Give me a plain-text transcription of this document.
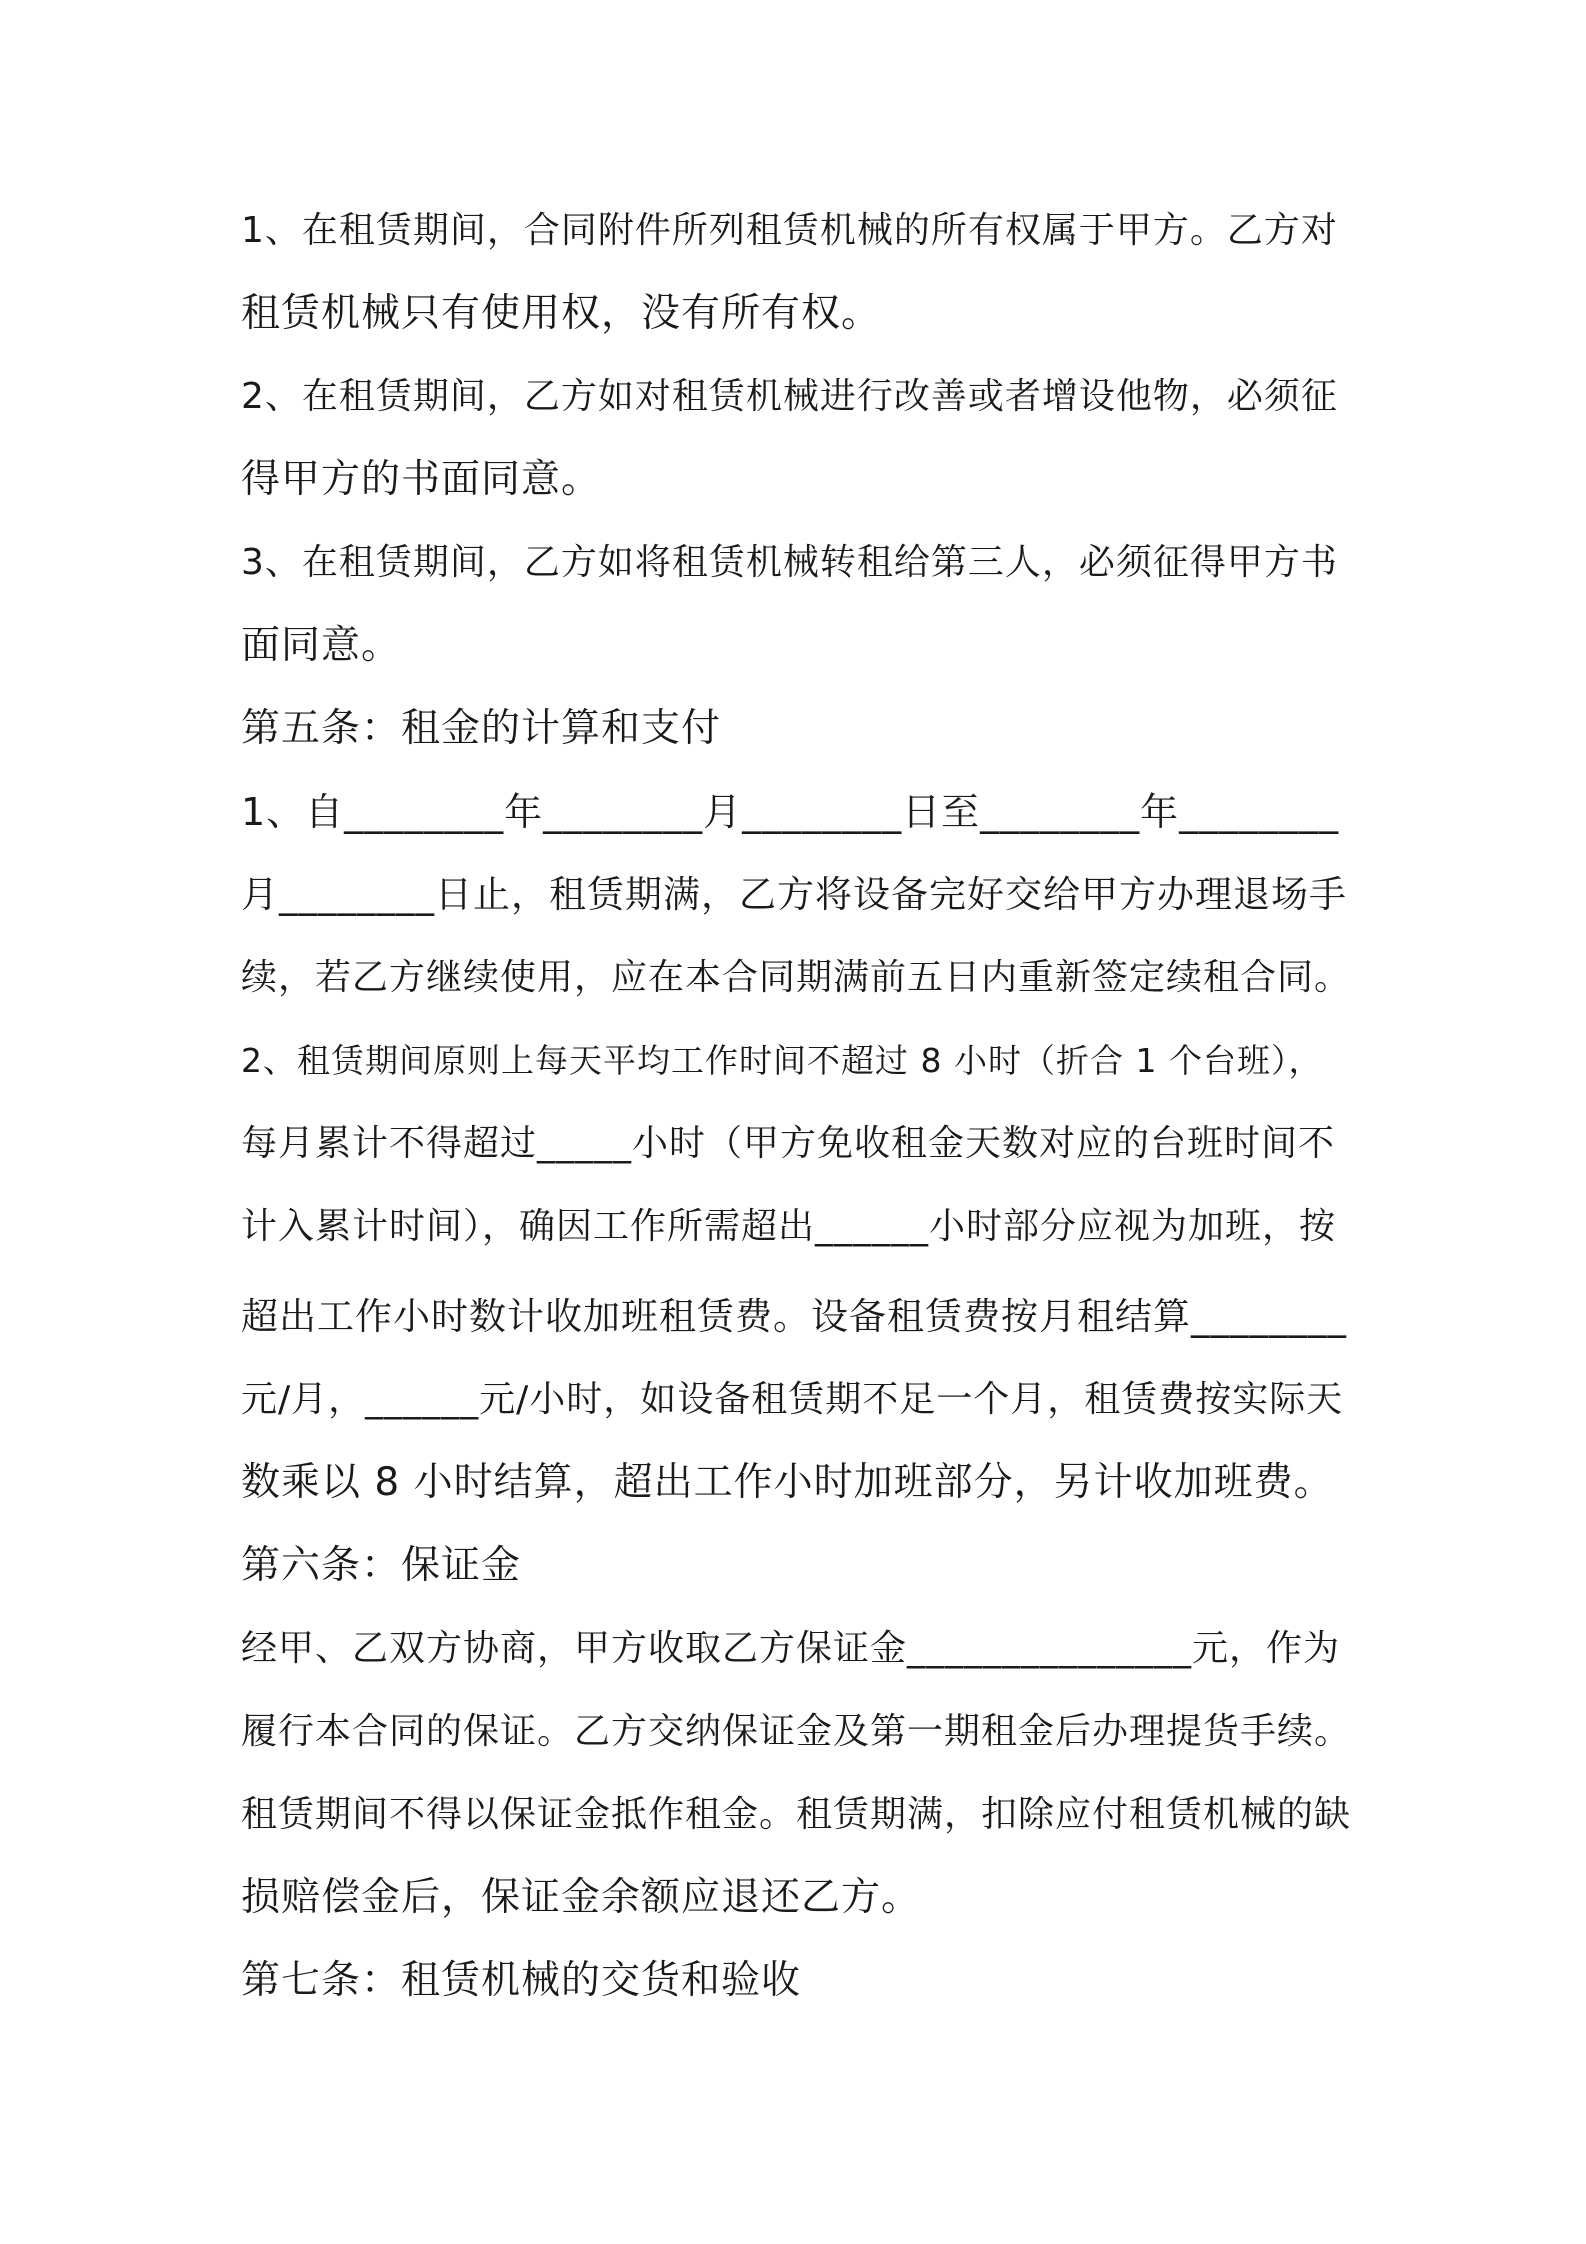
1、在租赁期间，合同附件所列租赁机械的所有权属于甲方。乙方对
租赁机械只有使用权，没有所有权。
2、在租赁期间，乙方如对租赁机械进行改善或者增设他物，必须征
得甲方的书面同意。
3、在租赁期间，乙方如将租赁机械转租给第三人，必须征得甲方书
面同意。
第五条：租金的计算和支付
1、自________年________月________日至________年________
月________日止，租赁期满，乙方将设备完好交给甲方办理退场手
续，若乙方继续使用，应在本合同期满前五日内重新签定续租合同。
2、租赁期间原则上每天平均工作时间不超过 8 小时（折合 1 个台班），
每月累计不得超过_____小时（甲方免收租金天数对应的台班时间不
计入累计时间），确因工作所需超出______小时部分应视为加班，按
超出工作小时数计收加班租赁费。设备租赁费按月租结算________
元/月，______元/小时，如设备租赁期不足一个月，租赁费按实际天
数乘以 8 小时结算，超出工作小时加班部分，另计收加班费。
第六条：保证金
经甲、乙双方协商，甲方收取乙方保证金_______________元，作为
履行本合同的保证。乙方交纳保证金及第一期租金后办理提货手续。
租赁期间不得以保证金抵作租金。租赁期满，扣除应付租赁机械的缺
损赔偿金后，保证金余额应退还乙方。
第七条：租赁机械的交货和验收
